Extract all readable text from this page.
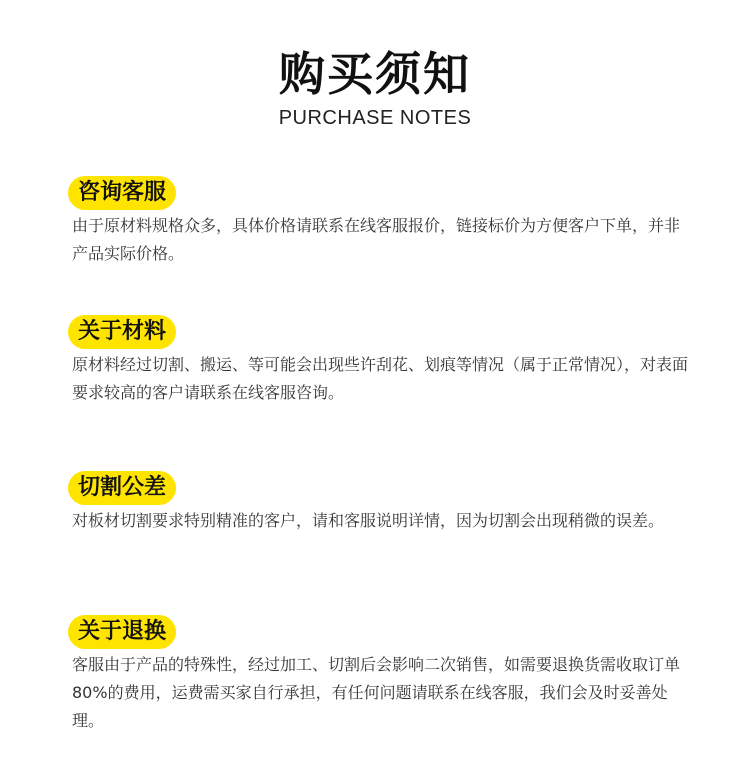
购买须知
PURCHASE NOTES
咨询客服
由于原材料规格众多，具体价格请联系在线客服报价，链接标价为方便客户下单，并非产品实际价格。
关于材料
原材料经过切割、搬运、等可能会出现些许刮花、划痕等情况（属于正常情况），对表面要求较高的客户请联系在线客服咨询。
切割公差
对板材切割要求特别精准的客户，请和客服说明详情，因为切割会出现稍微的误差。
关于退换
客服由于产品的特殊性，经过加工、切割后会影响二次销售，如需要退换货需收取订单80%的费用，运费需买家自行承担，有任何问题请联系在线客服，我们会及时妥善处理。
